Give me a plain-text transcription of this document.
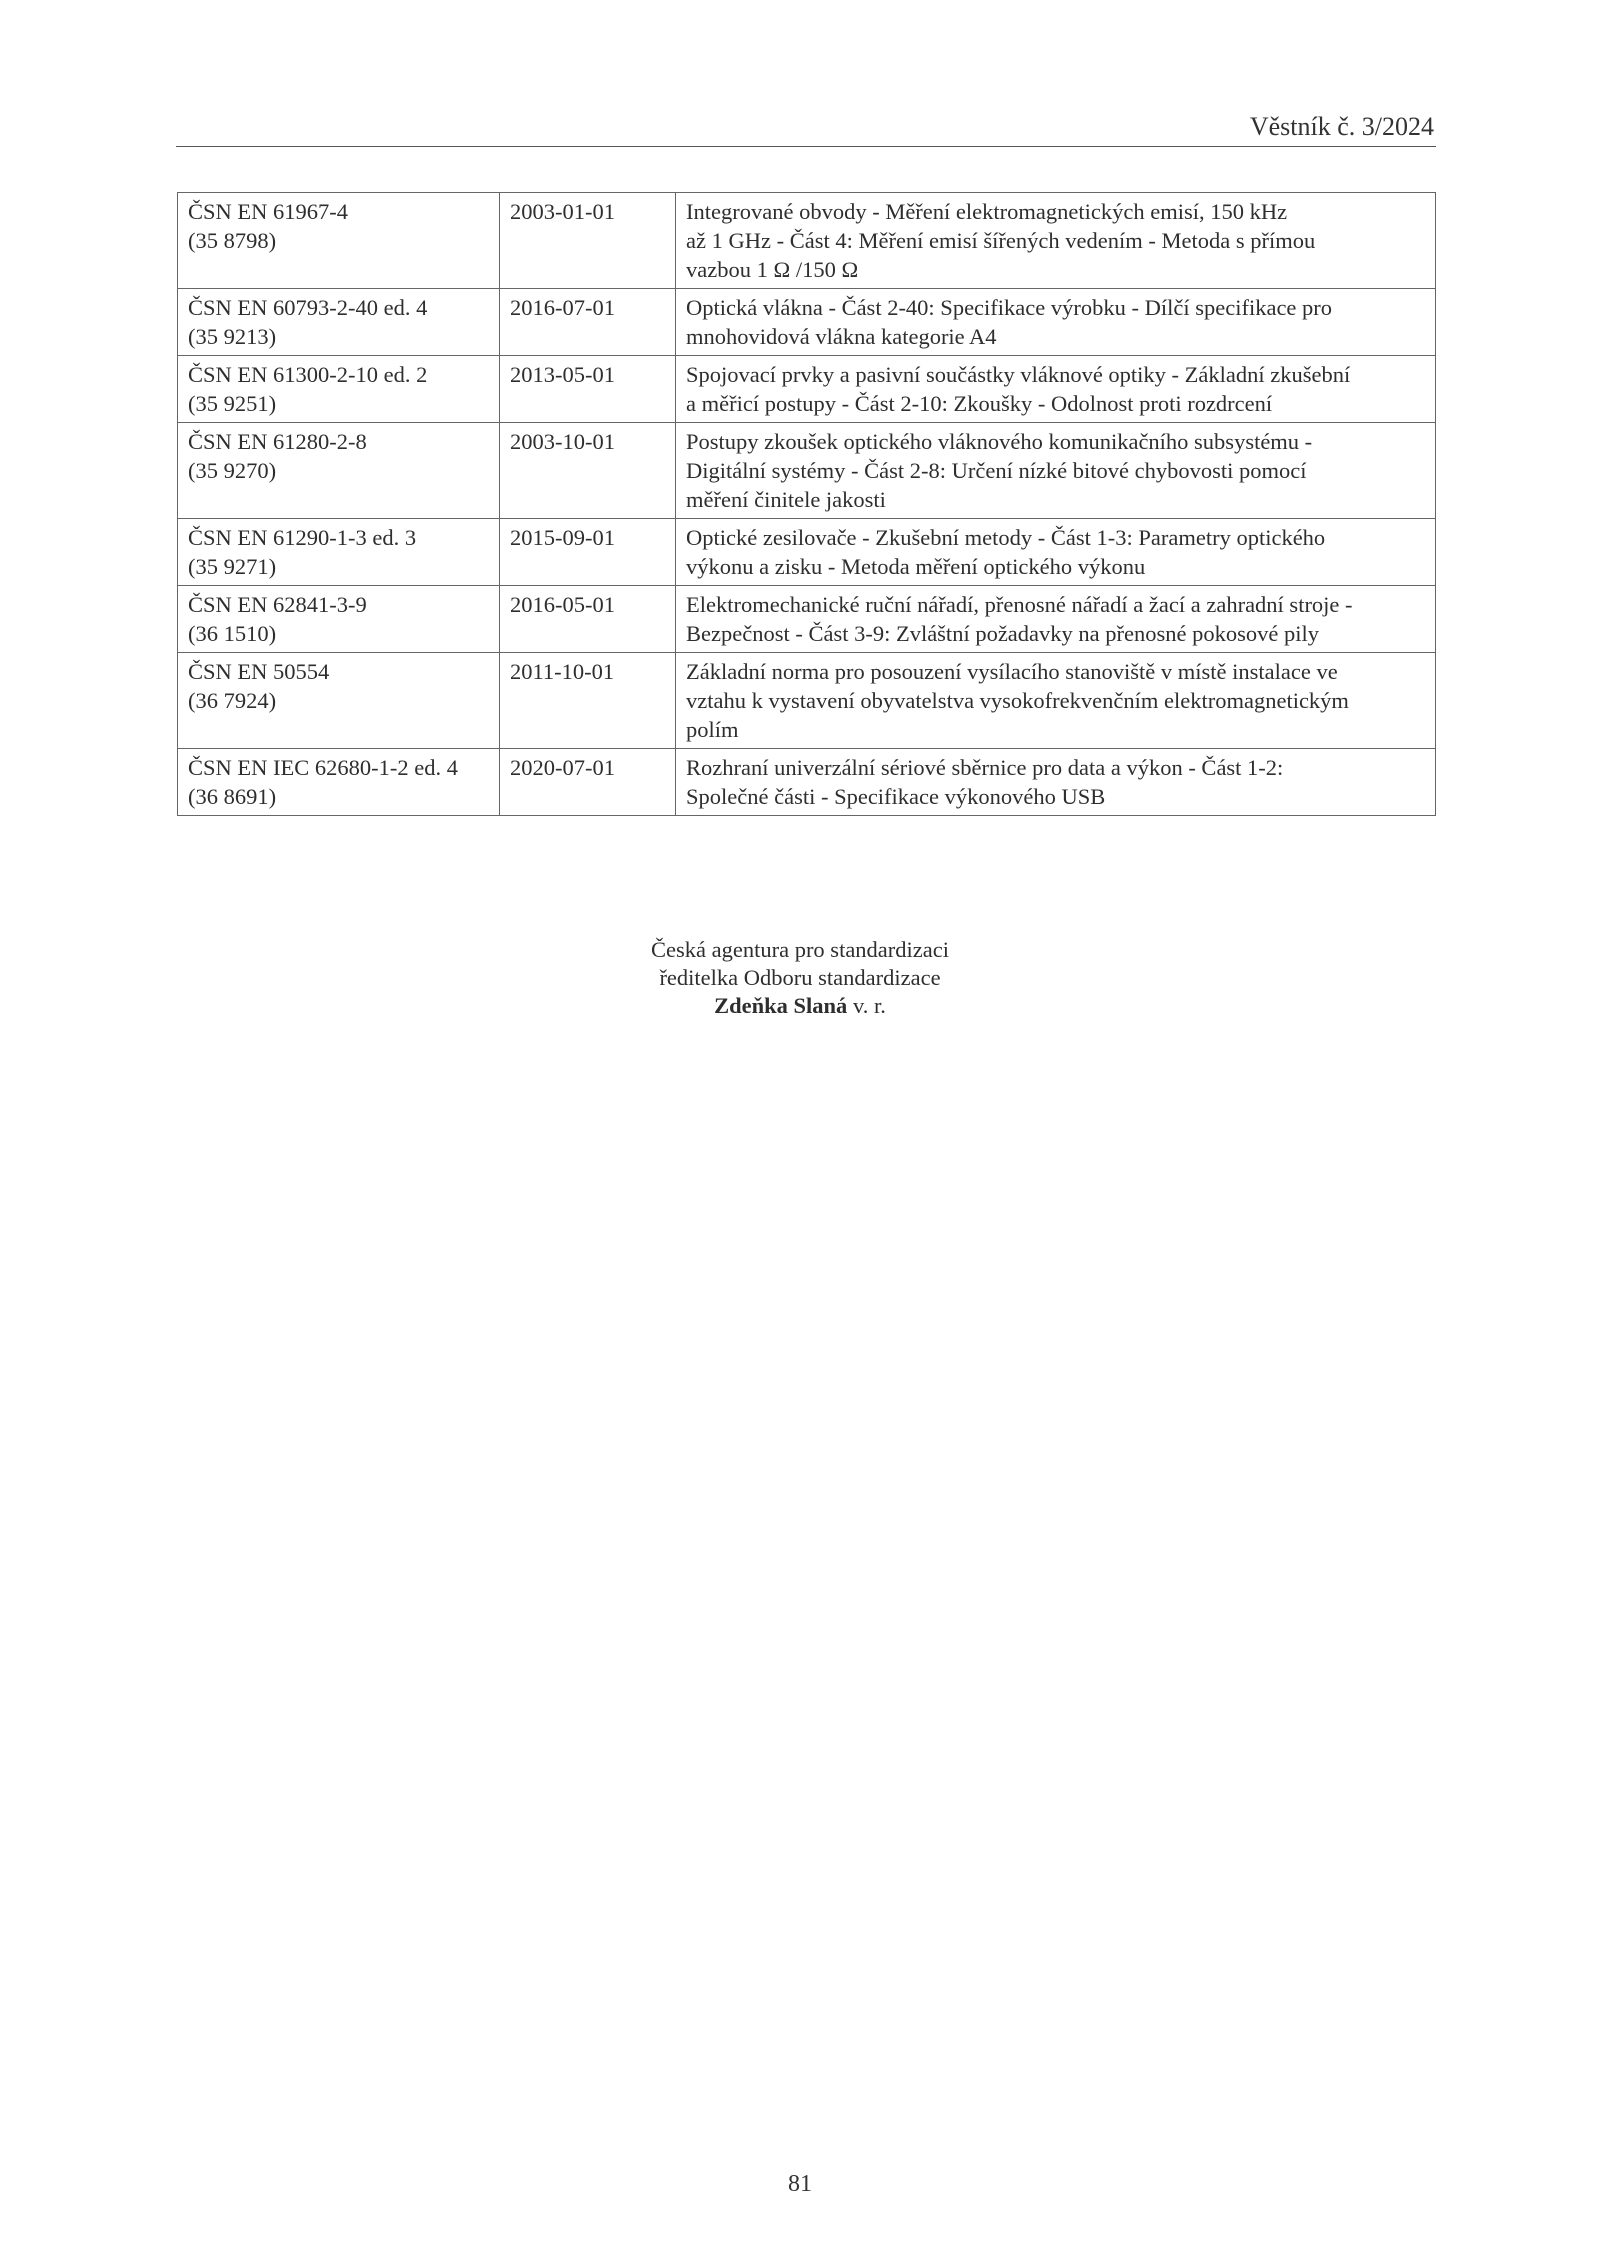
Věstník č. 3/2024
ČSN EN 61967-4
(35 8798)	2003-01-01	Integrované obvody - Měření elektromagnetických emisí, 150 kHz
až 1 GHz - Část 4: Měření emisí šířených vedením - Metoda s přímou
vazbou 1 Ω /150 Ω

ČSN EN 60793-2-40 ed. 4
(35 9213)	2016-07-01	Optická vlákna - Část 2-40: Specifikace výrobku - Dílčí specifikace pro
mnohovidová vlákna kategorie A4

ČSN EN 61300-2-10 ed. 2
(35 9251)	2013-05-01	Spojovací prvky a pasivní součástky vláknové optiky - Základní zkušební
a měřicí postupy - Část 2-10: Zkoušky - Odolnost proti rozdrcení

ČSN EN 61280-2-8
(35 9270)	2003-10-01	Postupy zkoušek optického vláknového komunikačního subsystému -
Digitální systémy - Část 2-8: Určení nízké bitové chybovosti pomocí
měření činitele jakosti

ČSN EN 61290-1-3 ed. 3
(35 9271)	2015-09-01	Optické zesilovače - Zkušební metody - Část 1-3: Parametry optického
výkonu a zisku - Metoda měření optického výkonu

ČSN EN 62841-3-9
(36 1510)	2016-05-01	Elektromechanické ruční nářadí, přenosné nářadí a žací a zahradní stroje -
Bezpečnost - Část 3-9: Zvláštní požadavky na přenosné pokosové pily

ČSN EN 50554
(36 7924)	2011-10-01	Základní norma pro posouzení vysílacího stanoviště v místě instalace ve
vztahu k vystavení obyvatelstva vysokofrekvenčním elektromagnetickým
polím

ČSN EN IEC 62680-1-2 ed. 4
(36 8691)	2020-07-01	Rozhraní univerzální sériové sběrnice pro data a výkon - Část 1-2:
Společné části - Specifikace výkonového USB
Česká agentura pro standardizaci
ředitelka Odboru standardizace
Zdeňka Slaná v. r.
81
